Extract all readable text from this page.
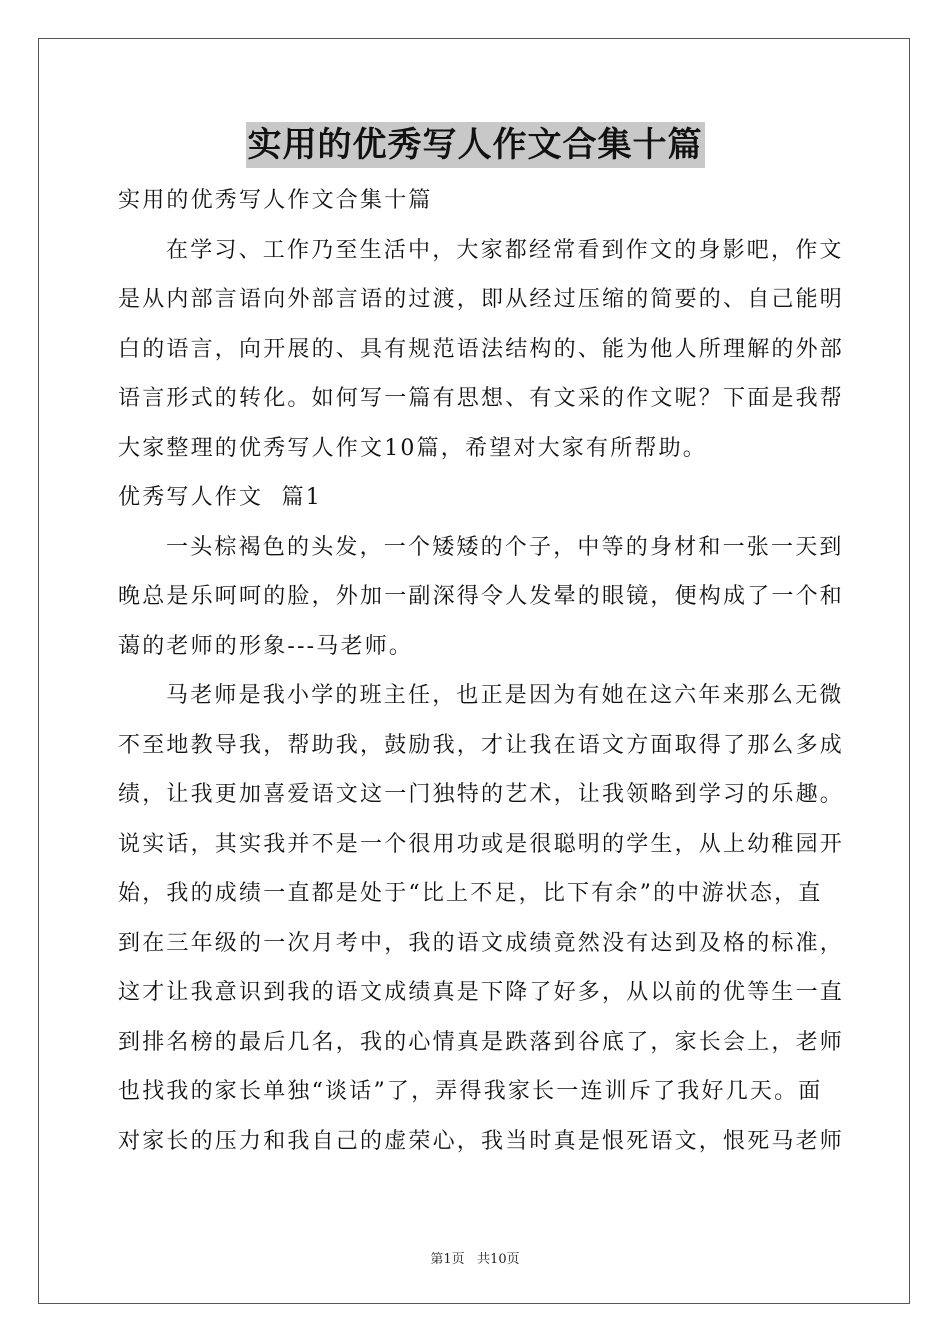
实用的优秀写人作文合集十篇
实用的优秀写人作文合集十篇
在学习、工作乃至生活中，大家都经常看到作文的身影吧，作文
是从内部言语向外部言语的过渡，即从经过压缩的简要的、自己能明
白的语言，向开展的、具有规范语法结构的、能为他人所理解的外部
语言形式的转化。如何写一篇有思想、有文采的作文呢？下面是我帮
大家整理的优秀写人作文10篇，希望对大家有所帮助。
优秀写人作文  篇1
一头棕褐色的头发，一个矮矮的个子，中等的身材和一张一天到
晚总是乐呵呵的脸，外加一副深得令人发晕的眼镜，便构成了一个和
蔼的老师的形象---马老师。
马老师是我小学的班主任，也正是因为有她在这六年来那么无微
不至地教导我，帮助我，鼓励我，才让我在语文方面取得了那么多成
绩，让我更加喜爱语文这一门独特的艺术，让我领略到学习的乐趣。
说实话，其实我并不是一个很用功或是很聪明的学生，从上幼稚园开
始，我的成绩一直都是处于“比上不足，比下有余”的中游状态，直
到在三年级的一次月考中，我的语文成绩竟然没有达到及格的标准，
这才让我意识到我的语文成绩真是下降了好多，从以前的优等生一直
到排名榜的最后几名，我的心情真是跌落到谷底了，家长会上，老师
也找我的家长单独“谈话”了，弄得我家长一连训斥了我好几天。面
对家长的压力和我自己的虚荣心，我当时真是恨死语文，恨死马老师
第1页   共10页
